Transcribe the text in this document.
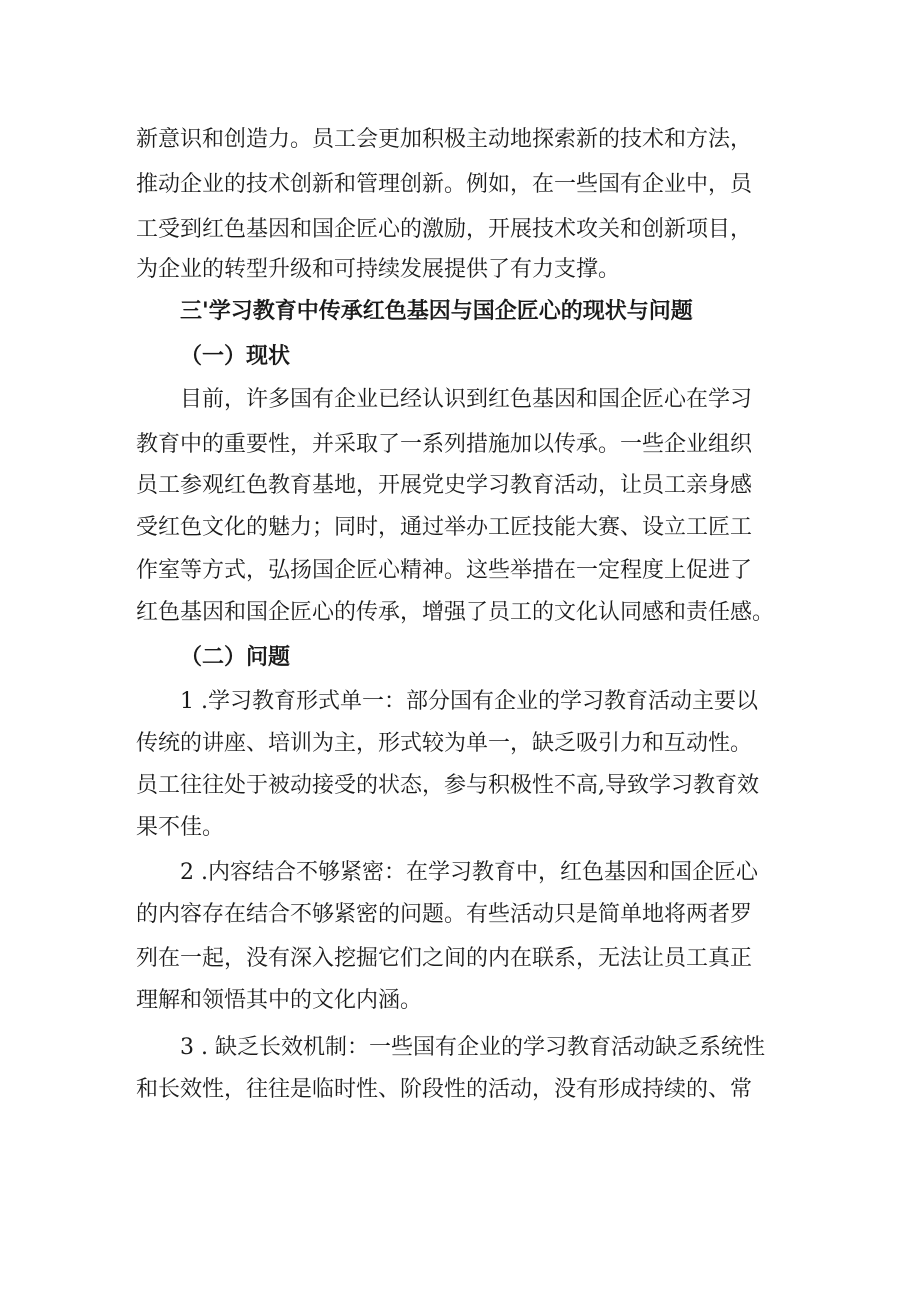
新意识和创造力。员工会更加积极主动地探索新的技术和方法，
推动企业的技术创新和管理创新。例如，在一些国有企业中，员
工受到红色基因和国企匠心的激励，开展技术攻关和创新项目，
为企业的转型升级和可持续发展提供了有力支撑。
三'学习教育中传承红色基因与国企匠心的现状与问题
（一）现状
目前，许多国有企业已经认识到红色基因和国企匠心在学习
教育中的重要性，并采取了一系列措施加以传承。一些企业组织
员工参观红色教育基地，开展党史学习教育活动，让员工亲身感
受红色文化的魅力；同时，通过举办工匠技能大赛、设立工匠工
作室等方式，弘扬国企匠心精神。这些举措在一定程度上促进了
红色基因和国企匠心的传承，增强了员工的文化认同感和责任感。
（二）问题
1 .学习教育形式单一：部分国有企业的学习教育活动主要以
传统的讲座、培训为主，形式较为单一，缺乏吸引力和互动性。
员工往往处于被动接受的状态，参与积极性不高,导致学习教育效
果不佳。
2 .内容结合不够紧密：在学习教育中，红色基因和国企匠心
的内容存在结合不够紧密的问题。有些活动只是简单地将两者罗
列在一起，没有深入挖掘它们之间的内在联系，无法让员工真正
理解和领悟其中的文化内涵。
3 . 缺乏长效机制：一些国有企业的学习教育活动缺乏系统性
和长效性，往往是临时性、阶段性的活动，没有形成持续的、常
